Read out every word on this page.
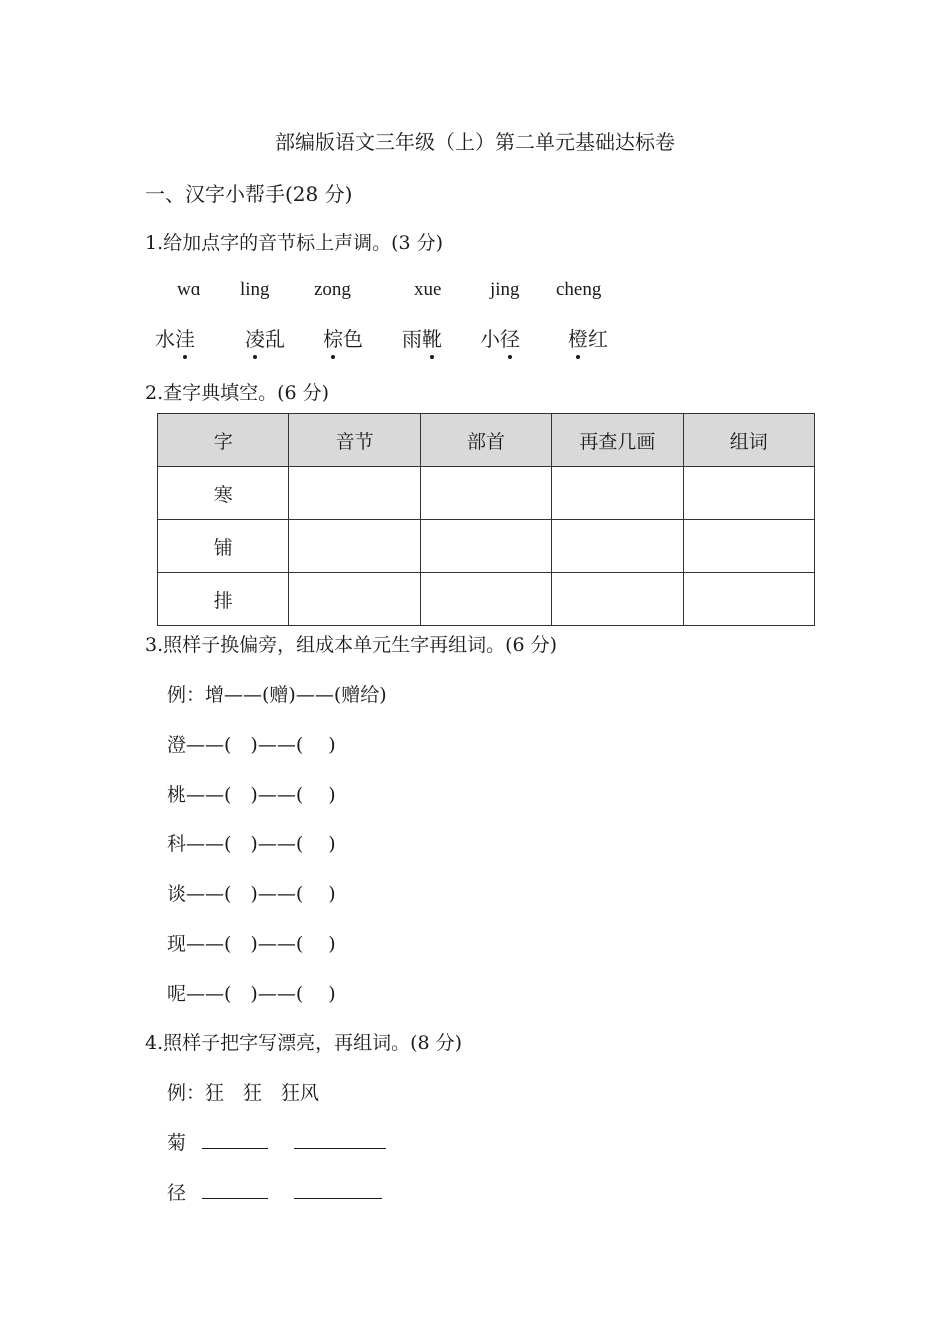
部编版语文三年级（上）第二单元基础达标卷
一、汉字小帮手(28 分)
1.给加点字的音节标上声调。(3 分)
wɑ ling zong	xue	jing cheng
水洼	凌乱 棕色 雨靴 小径 橙红
2.查字典填空。(6 分)
字	音节	部首	再查几画	组词
寒				
铺				
排				
3.照样子换偏旁，组成本单元生字再组词。(6 分)
例：增——(赠)——(赠给)
澄——(　)——(　 )
桃——(　)——(　 )
科——(　)——(　 )
谈——(　)——(　 )
现——(　)——(　 )
呢——(　)——(　 )
4.照样子把字写漂亮，再组词。(8 分)
例：狂　狂　狂风
菊
径
